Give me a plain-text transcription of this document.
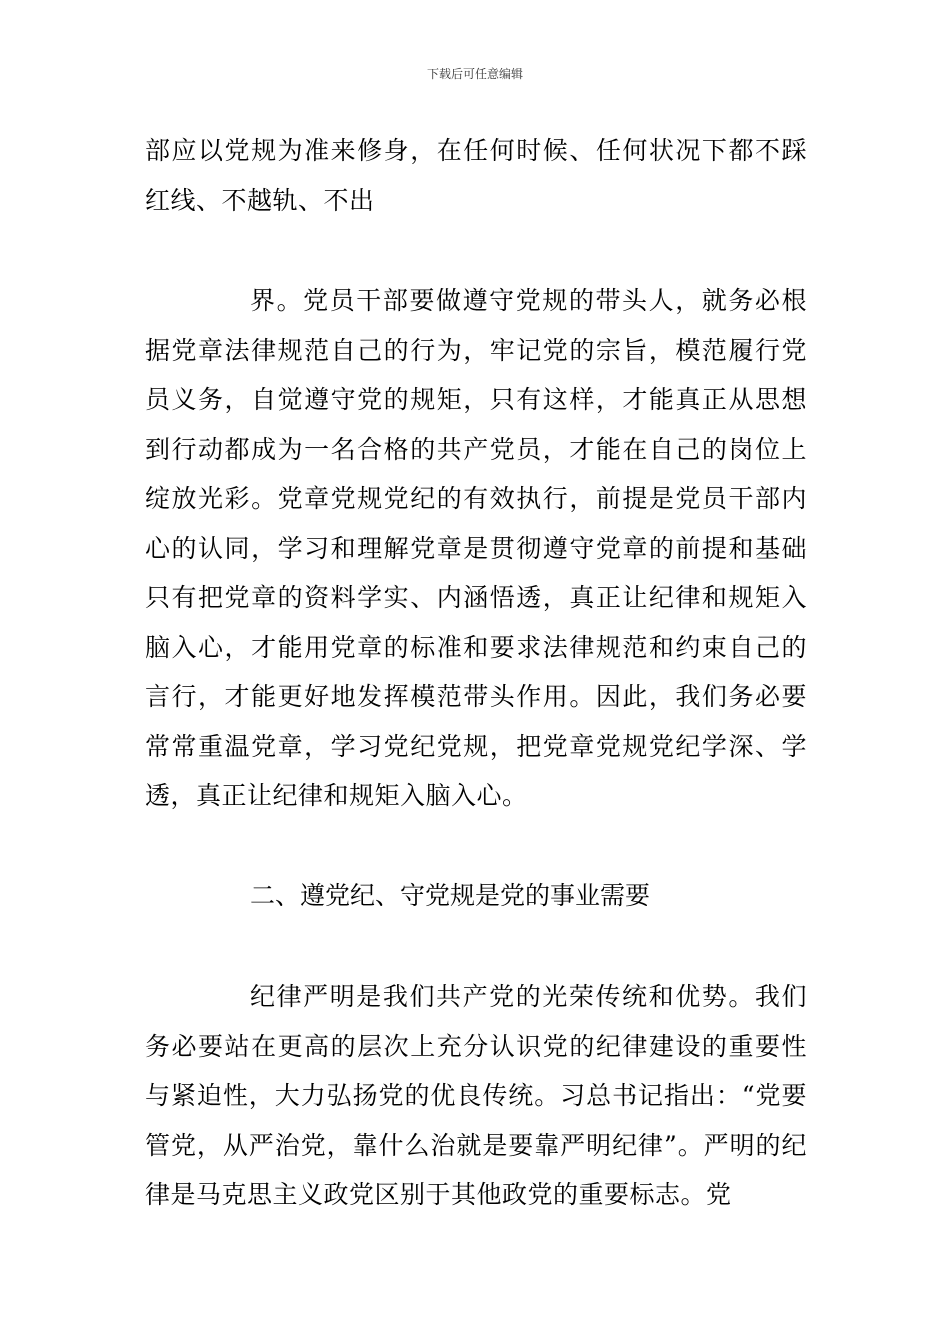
下载后可任意编辑

部应以党规为准来修身，在任何时候、任何状况下都不踩红线、不越轨、不出

界。党员干部要做遵守党规的带头人，就务必根据党章法律规范自己的行为，牢记党的宗旨，模范履行党员义务，自觉遵守党的规矩，只有这样，才能真正从思想到行动都成为一名合格的共产党员，才能在自己的岗位上绽放光彩。党章党规党纪的有效执行，前提是党员干部内心的认同，学习和理解党章是贯彻遵守党章的前提和基础只有把党章的资料学实、内涵悟透，真正让纪律和规矩入脑入心，才能用党章的标准和要求法律规范和约束自己的言行，才能更好地发挥模范带头作用。因此，我们务必要常常重温党章，学习党纪党规，把党章党规党纪学深、学透，真正让纪律和规矩入脑入心。

二、遵党纪、守党规是党的事业需要

纪律严明是我们共产党的光荣传统和优势。我们务必要站在更高的层次上充分认识党的纪律建设的重要性与紧迫性，大力弘扬党的优良传统。习总书记指出：“党要管党，从严治党，靠什么治就是要靠严明纪律”。严明的纪律是马克思主义政党区别于其他政党的重要标志。党
